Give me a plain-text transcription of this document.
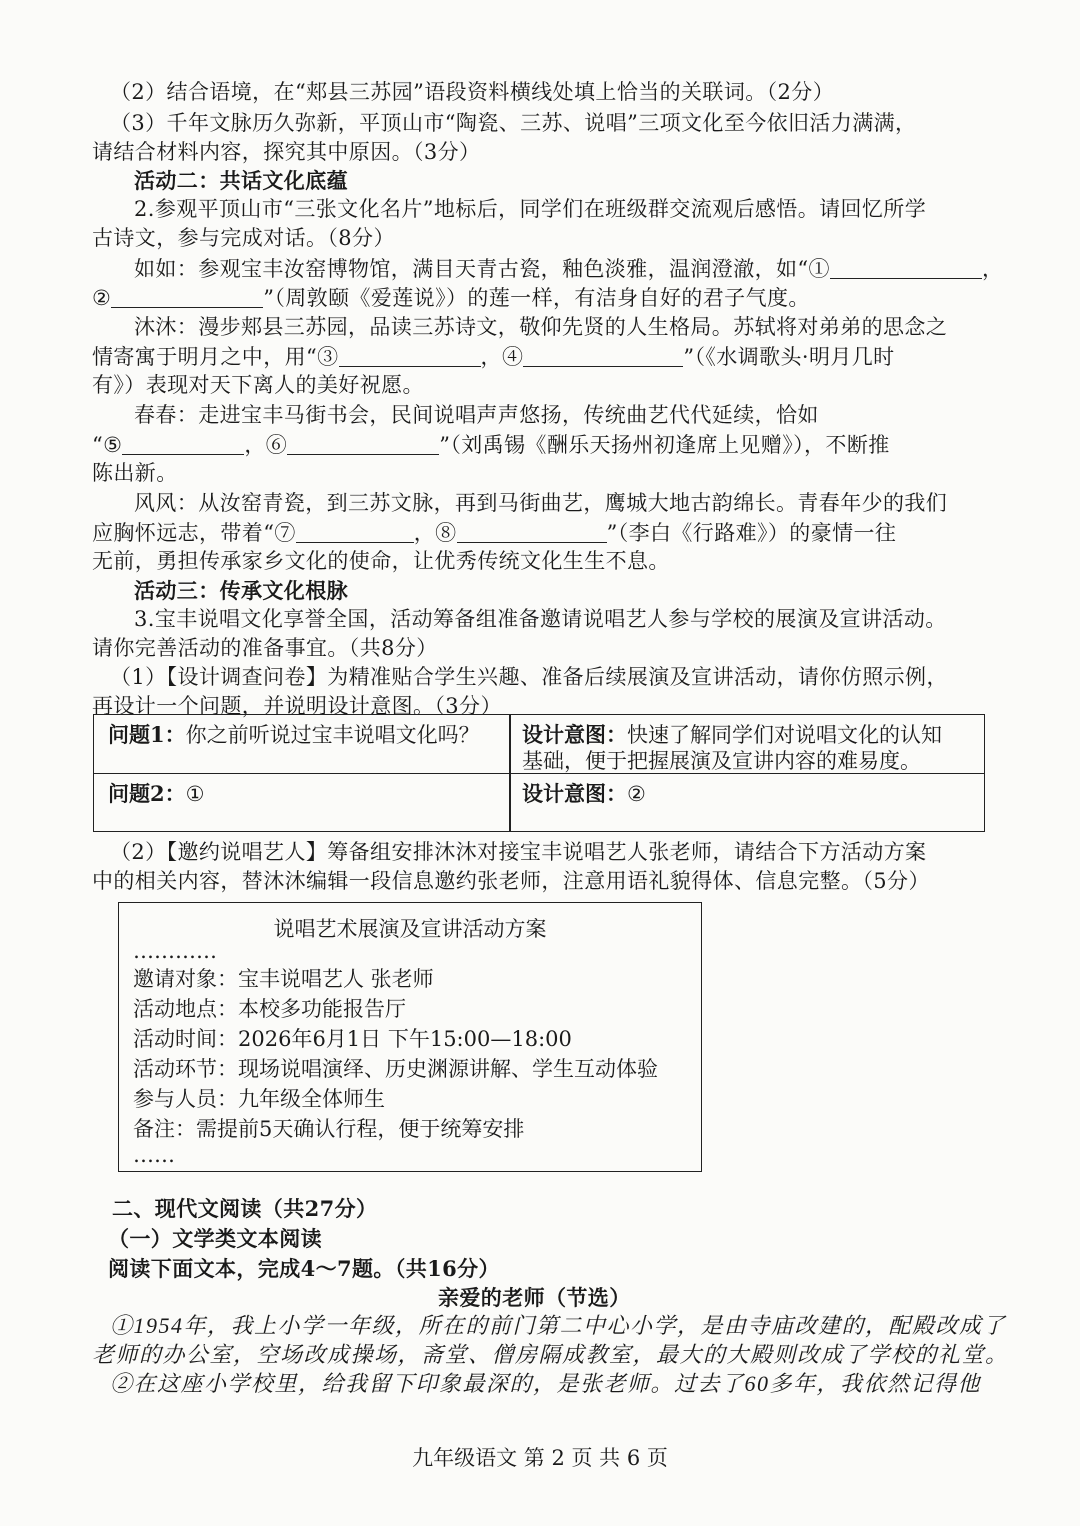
（2）结合语境，在“郏县三苏园”语段资料横线处填上恰当的关联词。（2分）
（3）千年文脉历久弥新，平顶山市“陶瓷、三苏、说唱”三项文化至今依旧活力满满，
请结合材料内容，探究其中原因。（3分）
活动二：共话文化底蕴
2.参观平顶山市“三张文化名片”地标后，同学们在班级群交流观后感悟。请回忆所学
古诗文，参与完成对话。（8分）
如如：参观宝丰汝窑博物馆，满目天青古瓷，釉色淡雅，温润澄澈，如“①	，
②	”（周敦颐《爱莲说》）的莲一样，有洁身自好的君子气度。
沐沐：漫步郏县三苏园，品读三苏诗文，敬仰先贤的人生格局。苏轼将对弟弟的思念之
情寄寓于明月之中，用“③	，④	”（《水调歌头·明月几时
有》）表现对天下离人的美好祝愿。
春春：走进宝丰马街书会，民间说唱声声悠扬，传统曲艺代代延续，恰如
“⑤	，⑥	”（刘禹锡《酬乐天扬州初逢席上见赠》），不断推
陈出新。
风风：从汝窑青瓷，到三苏文脉，再到马街曲艺，鹰城大地古韵绵长。青春年少的我们
应胸怀远志，带着“⑦	，⑧	”（李白《行路难》）的豪情一往
无前，勇担传承家乡文化的使命，让优秀传统文化生生不息。
活动三：传承文化根脉
3.宝丰说唱文化享誉全国，活动筹备组准备邀请说唱艺人参与学校的展演及宣讲活动。
请你完善活动的准备事宜。（共8分）
（1）【设计调查问卷】为精准贴合学生兴趣、准备后续展演及宣讲活动，请你仿照示例，
再设计一个问题，并说明设计意图。（3分）
问题1：你之前听说过宝丰说唱文化吗？ 设计意图：快速了解同学们对说唱文化的认知
基础，便于把握展演及宣讲内容的难易度。
问题2：①	设计意图：②
（2）【邀约说唱艺人】筹备组安排沐沐对接宝丰说唱艺人张老师，请结合下方活动方案
中的相关内容，替沐沐编辑一段信息邀约张老师，注意用语礼貌得体、信息完整。（5分）
说唱艺术展演及宣讲活动方案
…………
邀请对象：宝丰说唱艺人 张老师
活动地点：本校多功能报告厅
活动时间：2026年6月1日 下午15:00—18:00
活动环节：现场说唱演绎、历史渊源讲解、学生互动体验
参与人员：九年级全体师生
备注：需提前5天确认行程，便于统筹安排
……
二、现代文阅读（共27分）
（一）文学类文本阅读
阅读下面文本，完成4～7题。（共16分）
亲爱的老师（节选）
①1954年，我上小学一年级，所在的前门第二中心小学，是由寺庙改建的，配殿改成了
老师的办公室，空场改成操场，斋堂、僧房隔成教室，最大的大殿则改成了学校的礼堂。
②在这座小学校里，给我留下印象最深的，是张老师。过去了60多年，我依然记得他
九年级语文 第 2 页 共 6 页
